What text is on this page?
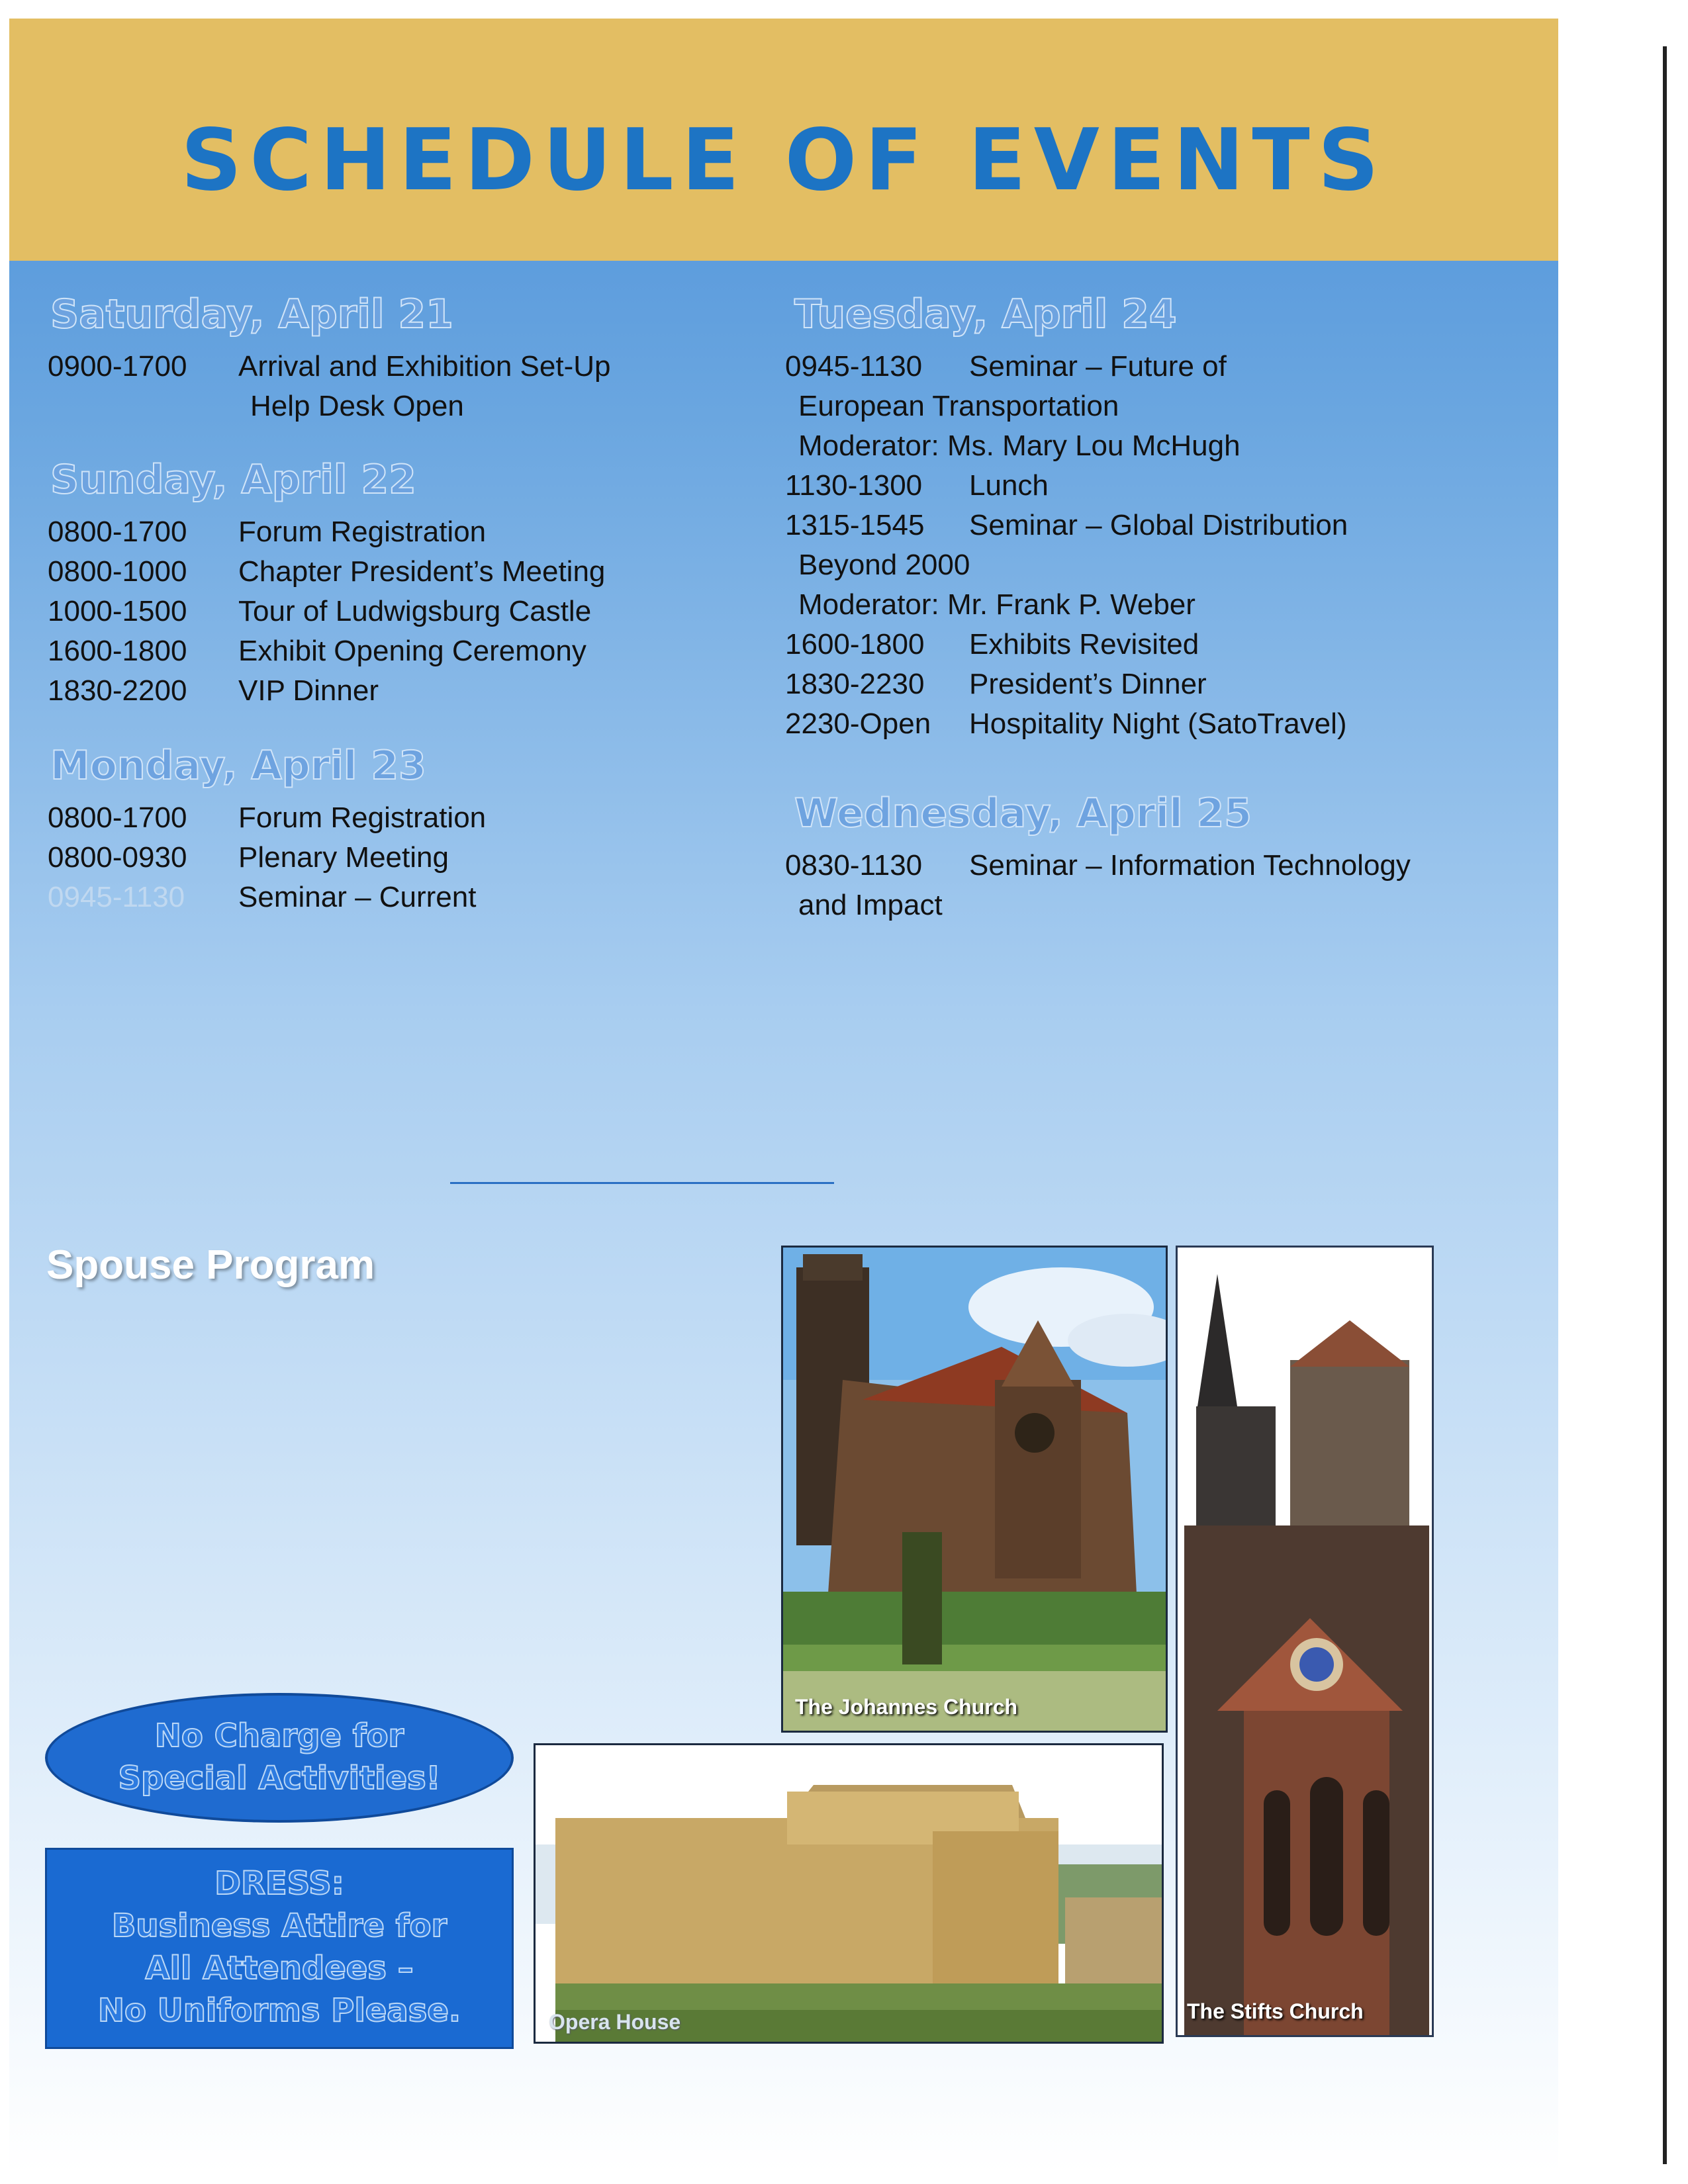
SCHEDULE OF EVENTS
Saturday, April 21
0900-1700 Arrival and Exhibition Set-Up
Help Desk Open
Sunday, April 22
0800-1700 Forum Registration
0800-1000 Chapter President’s Meeting
1000-1500 Tour of Ludwigsburg Castle
1600-1800 Exhibit Opening Ceremony
1830-2200 VIP Dinner
Monday, April 23
0800-1700 Forum Registration
0800-0930 Plenary Meeting
0945-1130 Seminar – Current
Tuesday, April 24
0945-1130 Seminar – Future of
European Transportation
Moderator: Ms. Mary Lou McHugh
1130-1300 Lunch
1315-1545 Seminar – Global Distribution
Beyond 2000
Moderator: Mr. Frank P. Weber
1600-1800 Exhibits Revisited
1830-2230 President’s Dinner
2230-Open Hospitality Night (SatoTravel)
Wednesday, April 25
0830-1130 Seminar – Information Technology
and Impact
Spouse Program
No Charge for
Special Activities!
DRESS:
Business Attire for
All Attendees –
No Uniforms Please.
The Johannes Church
The Stifts Church
Opera House
